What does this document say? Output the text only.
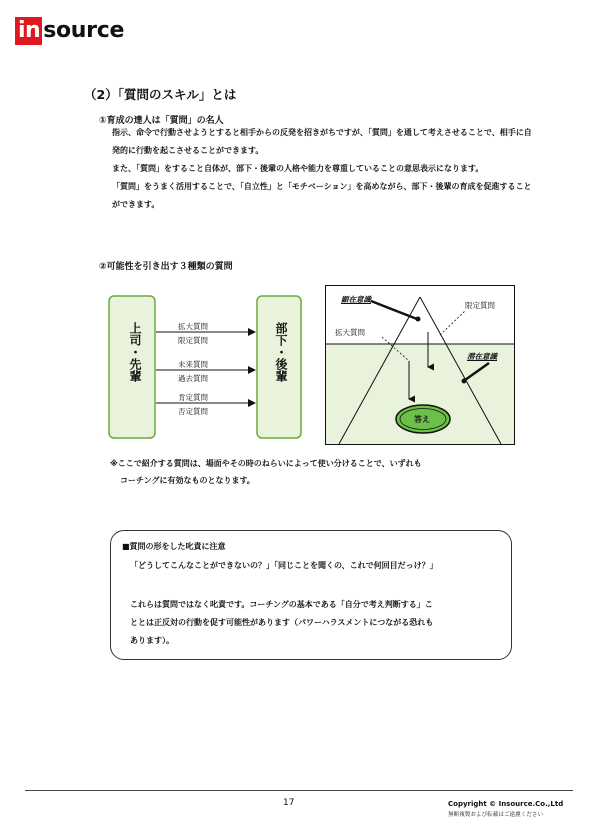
in source
（2）「質問のスキル」とは
①育成の達人は「質問」の名人

指示、命令で行動させようとすると相手からの反発を招きがちですが、「質問」を通して考えさせることで、相手に自発的に行動を起こさせることができます。

また、「質問」をすること自体が、部下・後輩の人格や能力を尊重していることの意思表示になります。

「質問」をうまく活用することで、「自立性」と「モチベーション」を高めながら、部下・後輩の育成を促進することができます。

②可能性を引き出す３種類の質問
上司・先輩	部下・後輩
拡大質問
限定質問
未来質問
過去質問
肯定質問
否定質問
顕在意識
限定質問
拡大質問
潜在意識
答え
※ここで紹介する質問は、場面やその時のねらいによって使い分けることで、いずれも
コーチングに有効なものとなります。
■質問の形をした叱責に注意
「どうしてこんなことができないの？」「同じことを聞くの、これで何回目だっけ？」
これらは質問ではなく叱責です。コーチングの基本である「自分で考え判断する」こ
ととは正反対の行動を促す可能性があります（パワーハラスメントにつながる恐れも
あります）。
17	Copyright © Insource.Co.,Ltd
無断複製および転載はご遠慮ください
